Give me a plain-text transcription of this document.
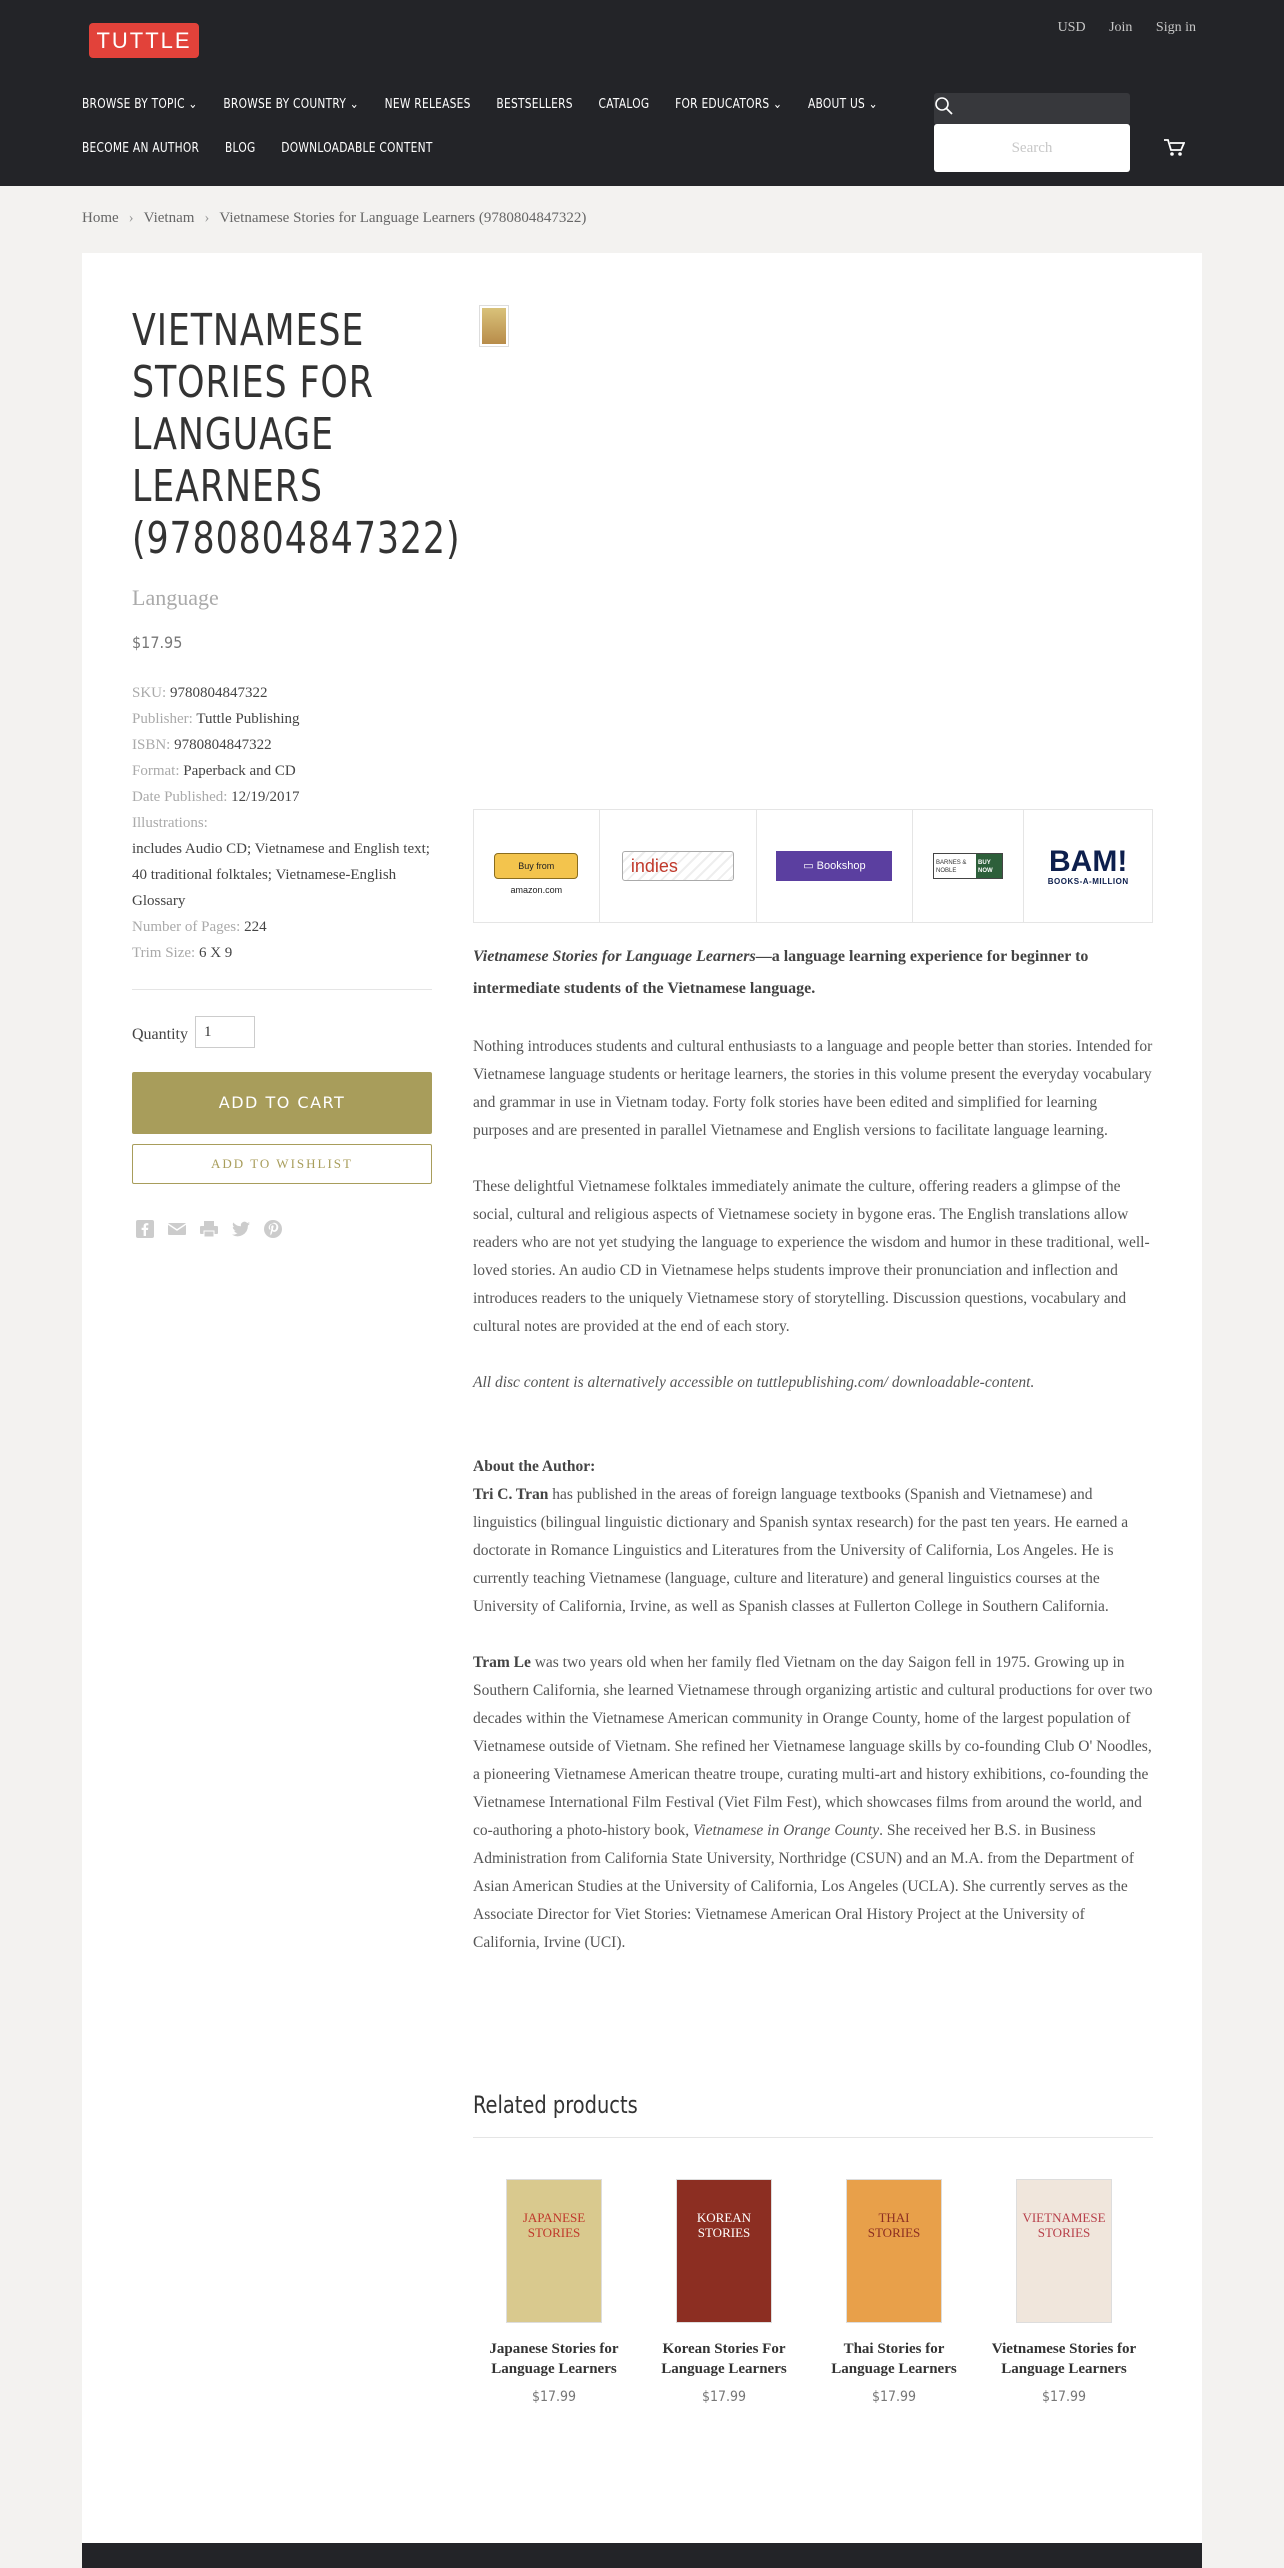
TUTTLE
USD Join Sign in
BROWSE BY TOPIC ⌄ BROWSE BY COUNTRY ⌄ NEW RELEASES BESTSELLERS CATALOG FOR EDUCATORS ⌄ ABOUT US ⌄
BECOME AN AUTHOR BLOG DOWNLOADABLE CONTENT	Search
Home › Vietnam › Vietnamese Stories for Language Learners (9780804847322)
VIETNAMESE STORIES FOR LANGUAGE LEARNERS (9780804847322)
Language
$17.95
SKU: 9780804847322
Publisher: Tuttle Publishing
ISBN: 9780804847322
Format: Paperback and CD
Date Published: 12/19/2017
Illustrations:
includes Audio CD; Vietnamese and English text; 40 traditional folktales; Vietnamese-English Glossary
Number of Pages: 224
Trim Size: 6 X 9
Quantity	1
ADD TO CART
ADD TO WISHLIST
Buy from amazon.com
indies	▭ Bookshop	BARNES & NOBLE
BUY NOW	BAM!
BOOKS-A-MILLION

Vietnamese Stories for Language Learners—a language learning experience for beginner to intermediate students of the Vietnamese language.

Nothing introduces students and cultural enthusiasts to a language and people better than stories. Intended for Vietnamese language students or heritage learners, the stories in this volume present the everyday vocabulary and grammar in use in Vietnam today. Forty folk stories have been edited and simplified for learning purposes and are presented in parallel Vietnamese and English versions to facilitate language learning.

These delightful Vietnamese folktales immediately animate the culture, offering readers a glimpse of the social, cultural and religious aspects of Vietnamese society in bygone eras. The English translations allow readers who are not yet studying the language to experience the wisdom and humor in these traditional, well-loved stories. An audio CD in Vietnamese helps students improve their pronunciation and inflection and introduces readers to the uniquely Vietnamese story of storytelling. Discussion questions, vocabulary and cultural notes are provided at the end of each story.

All disc content is alternatively accessible on tuttlepublishing.com/ downloadable-content.

About the Author:
Tri C. Tran has published in the areas of foreign language textbooks (Spanish and Vietnamese) and linguistics (bilingual linguistic dictionary and Spanish syntax research) for the past ten years. He earned a doctorate in Romance Linguistics and Literatures from the University of California, Los Angeles. He is currently teaching Vietnamese (language, culture and literature) and general linguistics courses at the University of California, Irvine, as well as Spanish classes at Fullerton College in Southern California.

Tram Le was two years old when her family fled Vietnam on the day Saigon fell in 1975. Growing up in Southern California, she learned Vietnamese through organizing artistic and cultural productions for over two decades within the Vietnamese American community in Orange County, home of the largest population of Vietnamese outside of Vietnam. She refined her Vietnamese language skills by co-founding Club O' Noodles, a pioneering Vietnamese American theatre troupe, curating multi-art and history exhibitions, co-founding the Vietnamese International Film Festival (Viet Film Fest), which showcases films from around the world, and co-authoring a photo-history book, Vietnamese in Orange County. She received her B.S. in Business Administration from California State University, Northridge (CSUN) and an M.A. from the Department of Asian American Studies at the University of California, Los Angeles (UCLA). She currently serves as the Associate Director for Viet Stories: Vietnamese American Oral History Project at the University of California, Irvine (UCI).

Related products
JAPANESE STORIES
Japanese Stories for Language Learners
$17.99
KOREAN STORIES
Korean Stories For Language Learners
$17.99
THAI STORIES
Thai Stories for Language Learners
$17.99
VIETNAMESE STORIES
Vietnamese Stories for Language Learners
$17.99
